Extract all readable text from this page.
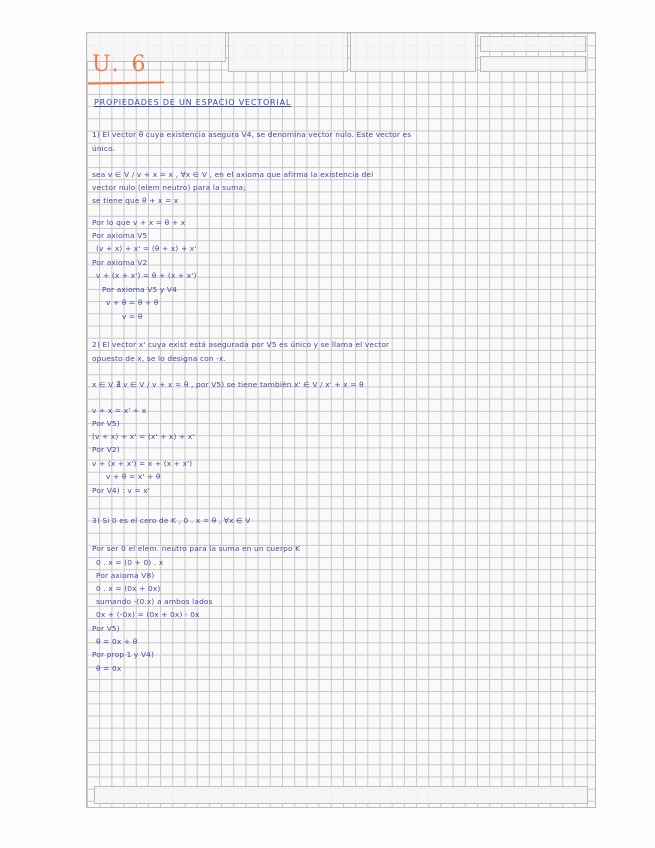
U. 6
PROPIEDADES DE UN ESPACIO VECTORIAL
1) El vector θ cuya existencia asegura V4, se denomina vector nulo. Este vector es
único.
sea v ∈ V / v + x = x , ∀x ∈ V , en el axioma que afirma la existencia del
vector nulo (elem neutro) para la suma;
se tiene que θ + x = x
Por lo que v + x = θ + x
Por axioma V5
(v + x) + x' = (θ + x) + x'
Por axioma V2
v + (x + x') = θ + (x + x')
Por axioma V5 y V4
v + θ = θ + θ
v = θ
2) El vector x' cuya exist está asegurada por V5 es único y se llama el vector
opuesto de x, se lo designa con -x.
x ∈ V ∄ v ∈ V / v + x = θ , por V5) se tiene también x' ∈ V / x' + x = θ
v + x = x' + x
Por V5)
(v + x) + x' = (x' + x) + x'
Por V2)
v + (x + x') = x + (x + x')
v + θ = x' + θ
Por V4) : v = x'
3) Si 0 es el cero de K , 0 . x = θ , ∀x ∈ V
Por ser 0 el elem. neutro para la suma en un cuerpo K
0 . x = (0 + 0) . x
Por axioma V8)
0 . x = (0x + 0x)
sumando -(0.x) a ambos lados
0x + (-0x) = (0x + 0x) - 0x
Por V5)
θ = 0x + θ
Por prop 1 y V4)
θ = 0x
